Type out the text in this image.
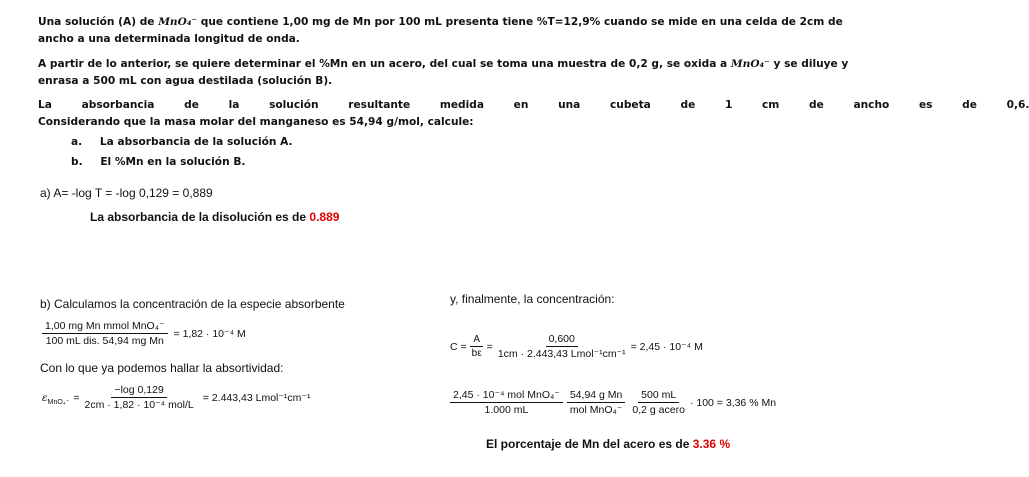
Una solución (A) de MnO₄⁻ que contiene 1,00 mg de Mn por 100 mL presenta tiene %T=12,9% cuando se mide en una celda de 2cm de
ancho a una determinada longitud de onda.
A partir de lo anterior, se quiere determinar el %Mn en un acero, del cual se toma una muestra de 0,2 g, se oxida a MnO₄⁻ y se diluye y
enrasa a 500 mL con agua destilada (solución B).
La absorbancia de la solución resultante medida en una cubeta de 1 cm de ancho es de 0,6.
Considerando que la masa molar del manganeso es 54,94 g/mol, calcule:
a. La absorbancia de la solución A.
b. El %Mn en la solución B.
a) A= -log T = -log 0,129 = 0,889
La absorbancia de la disolución es de 0.889
b) Calculamos la concentración de la especie absorbente
$\frac{\text{1,00 mg Mn mmol MnO₄⁻}}{\text{100 mL dis. 54,94 mg Mn}} = 1,82 \cdot 10^{-4}$ M
Con lo que ya podemos hallar la absortividad:
ε $MnO_4^- = \frac{-\log 0,129}{\text{2cm · 1,82 · 10⁻⁴ mol/L}} = 2.443,43$ Lmol⁻¹cm⁻¹
y, finalmente, la concentración:
$C = \frac{A}{b\varepsilon} = \frac{0,600}{\text{1cm · 2.443,43 Lmol⁻¹cm⁻¹}} = 2,45 \cdot 10^{-4}$ M
$\frac{\text{2,45 · 10⁻⁴ mol MnO₄⁻}}{1.000 mL} \frac{\text{54,94 g Mn}}{\text{mol MnO₄⁻}} \frac{500 mL}{\text{0,2 g acero}} \cdot 100 = 3,36$ % Mn
El porcentaje de Mn del acero es de 3.36 %
